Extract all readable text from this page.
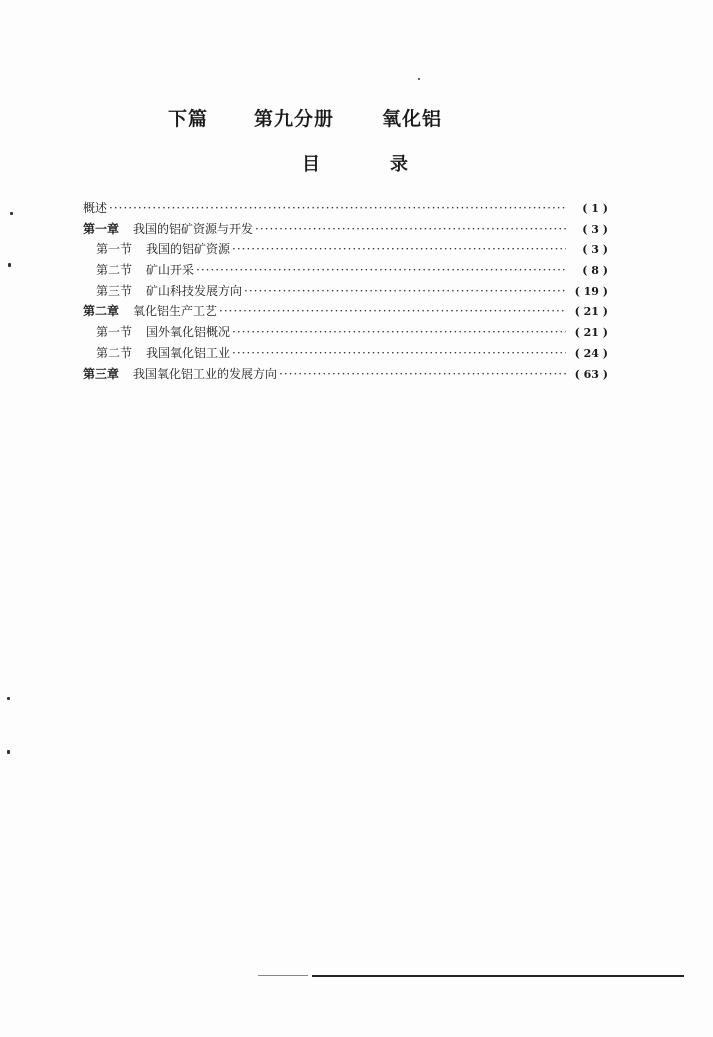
下篇 第九分册	氧化铝
目	录
概述 ·····	( 1 )
第一章 我国的铝矿资源与开发 ·····	( 3 )
第一节 我国的铝矿资源 ·····	( 3 )
第二节 矿山开采 ·····	( 8 )
第三节 矿山科技发展方向 ·····	( 19 )
第二章 氧化铝生产工艺 ·····	( 21 )
第一节 国外氧化铝概况 ·····	( 21 )
第二节 我国氧化铝工业 ·····	( 24 )
第三章 我国氧化铝工业的发展方向 ·····	( 63 )
